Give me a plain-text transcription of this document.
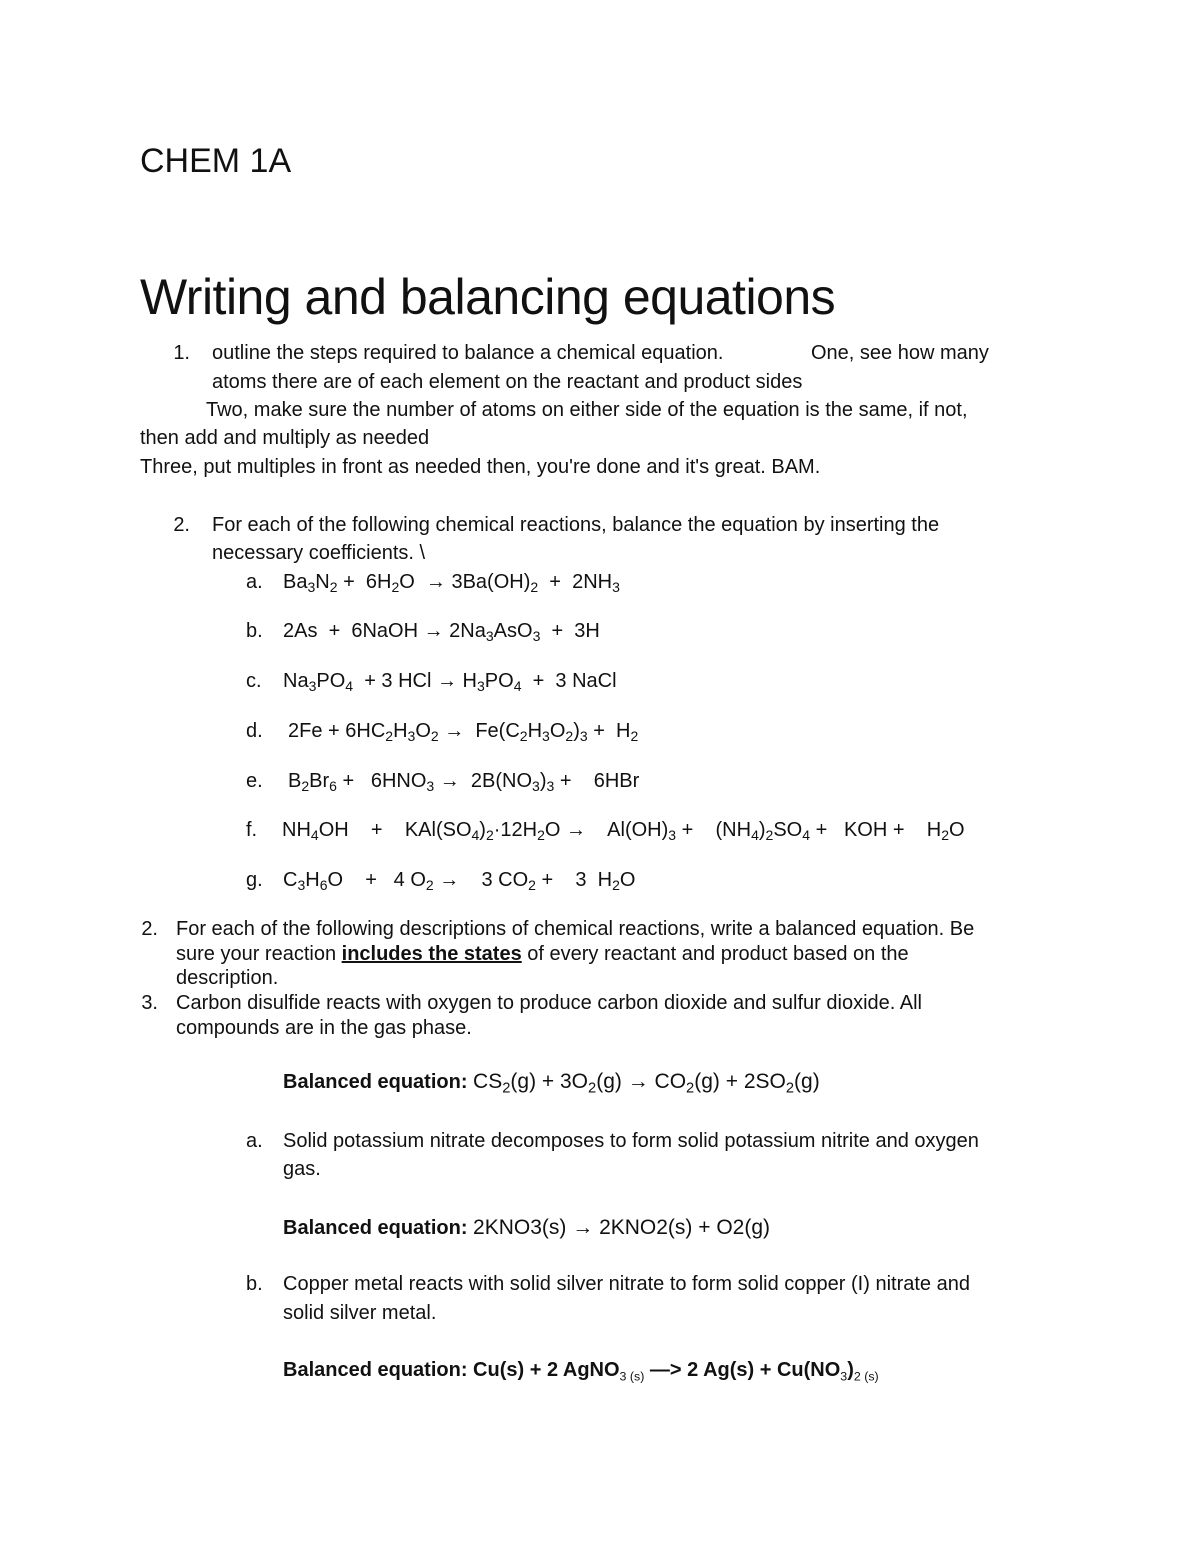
CHEM 1A
Writing and balancing equations
1. outline the steps required to balance a chemical equation.	One, see how many
atoms there are of each element on the reactant and product sides
Two, make sure the number of atoms on either side of the equation is the same, if not,
then add and multiply as needed
Three, put multiples in front as needed then, you're done and it's great. BAM.
2. For each of the following chemical reactions, balance the equation by inserting the
necessary coefficients. \
a. $Ba_3N_2 + 6H_2O \to 3Ba(OH)_2 + 2NH_3$
b. 2As  +  6NaOH → $2Na_3AsO_3 + 3H$
c. $Na_3PO_4 + 3$ HCl → $H_3PO_4 + 3$ NaCl
d. $2Fe + 6HC_2H_3O_2 \to Fe(C_2H_3O_2)_3 + H_2$
e. $B_2Br_6 + 6HNO_3 \to 2B(NO_3)_3$ +    6HBr
f. $NH_4OH$    +    $KAl(SO_4)_2\cdot 12H_2O$ →    $Al(OH)_3$ +    $(NH_4)_2SO_4$ +   KOH +    $H_2O$
g. $C_3H_6O$    +   4 $O_2$ →    3 $CO_2$ +    3  $H_2O$
2. For each of the following descriptions of chemical reactions, write a balanced equation. Be
sure your reaction includes the states of every reactant and product based on the
description.
3. Carbon disulfide reacts with oxygen to produce carbon dioxide and sulfur dioxide. All
compounds are in the gas phase.
Balanced equation: $CS_2(g) + 3O_2(g) \to CO_2(g) + 2SO_2(g)$
a. Solid potassium nitrate decomposes to form solid potassium nitrite and oxygen
gas.
Balanced equation: 2KNO3(s) → 2KNO2(s) + O2(g)
b. Copper metal reacts with solid silver nitrate to form solid copper (I) nitrate and
solid silver metal.
Balanced equation: Cu(s) + 2 AgNO$_{3 (s)}$ —> 2 $Ag(s) + Cu(NO_3)_{2 (s)}$
